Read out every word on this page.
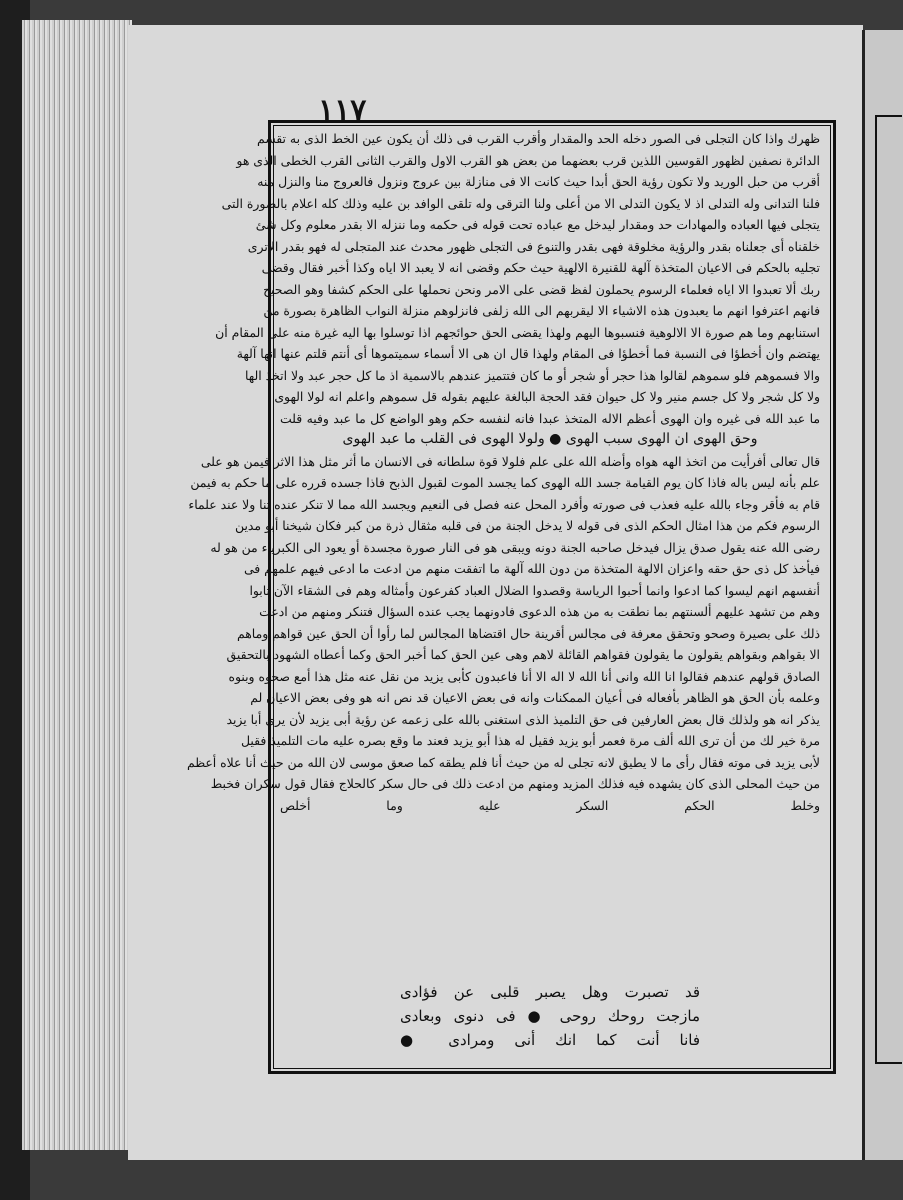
١١٧
ظهرك واذا كان التجلى فى الصور دخله الحد والمقدار وأقرب القرب فى ذلك أن يكون عين الخط الذى به تقسم
الدائرة نصفين لظهور القوسين اللذين قرب بعضهما من بعض هو القرب الاول والقرب الثانى القرب الخطى الذى هو
أقرب من حبل الوريد ولا تكون رؤية الحق أبدا حيث كانت الا فى منازلة بين عروج ونزول فالعروج منا والنزل منه
فلنا التدانى وله التدلى اذ لا يكون التدلى الا من أعلى ولنا الترقى وله تلقى الوافد بن عليه وذلك كله اعلام بالصورة التى
يتجلى فيها العباده والمهادات حد ومقدار ليدخل مع عباده تحت قوله فى حكمه وما ننزله الا بقدر معلوم وكل شئ
خلقناه أى جعلناه بقدر والرؤية مخلوقة فهى بقدر والتنوع فى التجلى ظهور محدث عند المتجلى له فهو بقدر الاترى
تجليه بالحكم فى الاعيان المتخذة آلهة للقنيرة الالهية حيث حكم وقضى انه لا يعبد الا اياه وكذا أخبر فقال وقضى
ربك ألا تعبدوا الا اياه فعلماء الرسوم يحملون لفظ قضى على الامر ونحن نحملها على الحكم كشفا وهو الصحيح
فانهم اعترفوا انهم ما يعبدون هذه الاشياء الا ليقربهم الى الله زلفى فانزلوهم منزلة النواب الظاهرة بصورة من
استنابهم وما هم صورة الا الالوهية فنسبوها اليهم ولهذا يقضى الحق حوائجهم اذا توسلوا بها اليه غيرة منه على المقام أن
يهتضم وان أخطؤا فى النسبة فما أخطؤا فى المقام ولهذا قال ان هى الا أسماء سميتموها أى أنتم قلتم عنها انها آلهة
والا فسموهم فلو سموهم لقالوا هذا حجر أو شجر أو ما كان فتتميز عندهم بالاسمية اذ ما كل حجر عبد ولا اتخذ الها
ولا كل شجر ولا كل جسم منير ولا كل حيوان فقد الحجة البالغة عليهم بقوله قل سموهم واعلم انه لولا الهوى
ما عبد الله فى غيره وان الهوى أعظم الاله المتخذ عبدا فانه لنفسه حكم وهو الواضع كل ما عبد وفيه قلت
وحق الهوى ان الهوى سبب الهوى ● ولولا الهوى فى القلب ما عبد الهوى
قال تعالى أفرأيت من اتخذ الهه هواه وأضله الله على علم فلولا قوة سلطانه فى الانسان ما أثر مثل هذا الاثر فيمن هو على
علم بأنه ليس باله فاذا كان يوم القيامة جسد الله الهوى كما يجسد الموت لقبول الذبح فاذا جسده قرره على ما حكم به فيمن
قام به فأقر وجاء بالله عليه فعذب فى صورته وأفرد المحل عنه فصل فى النعيم ويجسد الله مما لا تنكر عنده تنا ولا عند علماء
الرسوم فكم من هذا امثال الحكم الذى فى قوله لا يدخل الجنة من فى قلبه مثقال ذرة من كبر فكان شيخنا أبو مدين
رضى الله عنه يقول صدق يزال فيدخل صاحبه الجنة دونه ويبقى هو فى النار صورة مجسدة أو يعود الى الكبرياء من هو له
فيأخذ كل ذى حق حقه واعزان الالهة المتخذة من دون الله آلهة ما اتفقت منهم من ادعت ما ادعى فيهم علمهم فى
أنفسهم انهم ليسوا كما ادعوا وانما أحبوا الرياسة وقصدوا الضلال العباد كفرعون وأمثاله وهم فى الشقاء الآن تابوا
وهم من تشهد عليهم ألسنتهم بما نطقت به من هذه الدعوى فادونهما يجب عنده السؤال فتنكر ومنهم من ادعت
ذلك على بصيرة وصحو وتحقق معرفة فى مجالس أقرينة حال اقتضاها المجالس لما رأوا أن الحق عين قواهم وماهم
الا بقواهم وبقواهم يقولون ما يقولون فقواهم القائلة لاهم وهى عين الحق كما أخبر الحق وكما أعطاه الشهود بالتحقيق
الصادق قولهم عندهم فقالوا انا الله وانى أنا الله لا اله الا أنا فاعبدون كأبى يزيد من نقل عنه مثل هذا أمع صحوه وبنوه
وعلمه بأن الحق هو الظاهر بأفعاله فى أعيان الممكنات وانه فى بعض الاعيان قد نص انه هو وفى بعض الاعيان لم
يذكر انه هو ولذلك قال بعض العارفين فى حق التلميذ الذى استغنى بالله على زعمه عن رؤية أبى يزيد لأن يرى أبا يزيد
مرة خير لك من أن ترى الله ألف مرة فعمر أبو يزيد فقيل له هذا أبو يزيد فعند ما وقع بصره عليه مات التلميذ فقيل
لأبى يزيد فى موته فقال رأى ما لا يطيق لانه تجلى له من حيث أنا فلم يطقه كما صعق موسى لان الله من حيث أنا علاه أعظم
من حيث المحلى الذى كان يشهده فيه فذلك المزيد ومنهم من ادعت ذلك فى حال سكر كالحلاج فقال قول سكران فخبط
وخلط الحكم السكر عليه وما أخلص
قد تصبرت وهل يصبر قلبى عن فؤادى
مازجت روحك روحى ● فى دنوى وبعادى
فانا أنت كما انك أنى ومرادى ●
